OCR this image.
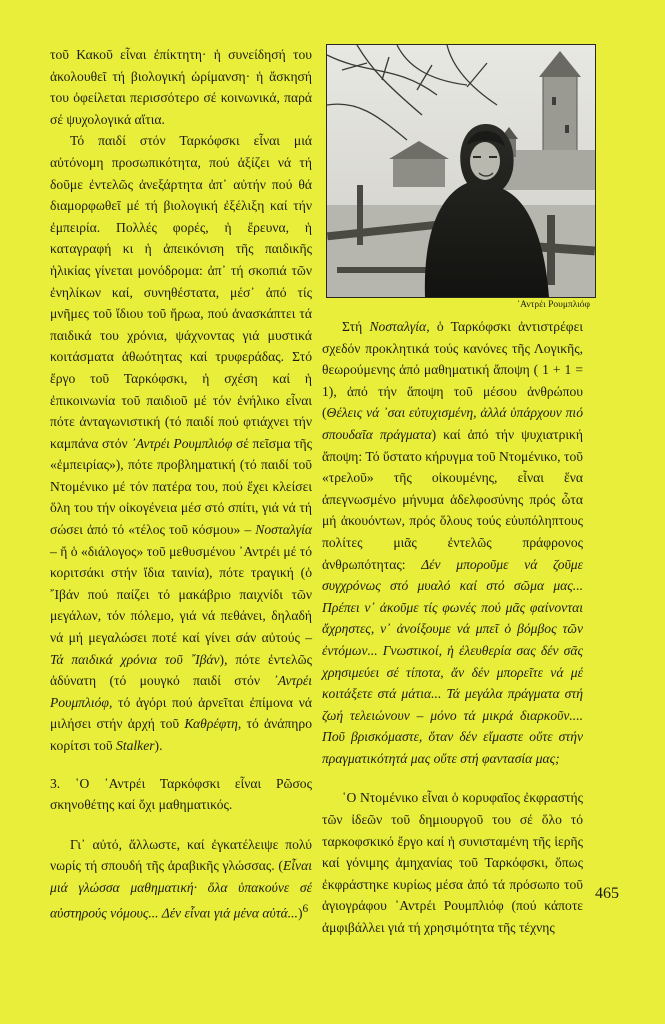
τοῦ Κακοῦ εἶναι ἐπίκτητη· ἡ συνείδησή του ἀκολουθεῖ τή βιολογική ὡρίμανση· ἡ ἄσκησή του ὀφείλεται περισσότερο σέ κοινωνικά, παρά σέ ψυχολογικά αἴτια.

Τό παιδί στόν Ταρκόφσκι εἶναι μιά αὐτόνομη προσωπικότητα, πού ἀξίζει νά τή δοῦμε ἐντελῶς ἀνεξάρτητα ἀπ᾿ αὐτήν πού θά διαμορφωθεῖ μέ τή βιολογική ἐξέλιξη καί τήν ἐμπειρία. Πολλές φορές, ἡ ἔρευνα, ἡ καταγραφή κι ἡ ἀπεικόνιση τῆς παιδικῆς ἡλικίας γίνεται μονόδρομα: ἀπ᾿ τή σκοπιά τῶν ἐνηλίκων καί, συνηθέστατα, μέσ᾿ ἀπό τίς μνῆμες τοῦ ἴδιου τοῦ ἥρωα, πού ἀνασκάπτει τά παιδικά του χρόνια, ψάχνοντας γιά μυστικά κοιτάσματα ἀθωότητας καί τρυφεράδας. Στό ἔργο τοῦ Ταρκόφσκι, ἡ σχέση καί ἡ ἐπικοινωνία τοῦ παιδιοῦ μέ τόν ἐνήλικο εἶναι πότε ἀνταγωνιστική (τό παιδί πού φτιάχνει τήν καμπάνα στόν ᾿Αντρέι Ρουμπλιόφ σέ πεῖσμα τῆς «ἐμπειρίας»), πότε προβληματική (τό παιδί τοῦ Ντομένικο μέ τόν πατέρα του, πού ἔχει κλείσει ὅλη του τήν οἰκογένεια μέσ στό σπίτι, γιά νά τή σώσει ἀπό τό «τέλος τοῦ κόσμου» – Νοσταλγία – ἤ ὁ «διάλογος» τοῦ μεθυσμένου ᾿Αντρέι μέ τό κοριτσάκι στήν ἴδια ταινία), πότε τραγική (ὁ ῎Ιβάν πού παίζει τό μακάβριο παιχνίδι τῶν μεγάλων, τόν πόλεμο, γιά νά πεθάνει, δηλαδή νά μή μεγαλώσει ποτέ καί γίνει σάν αὐτούς – Τά παιδικά χρόνια τοῦ ῎Ιβάν), πότε ἐντελῶς ἀδύνατη (τό μουγκό παιδί στόν ᾿Αντρέι Ρουμπλιόφ, τό ἀγόρι πού ἀρνεῖται ἐπίμονα νά μιλήσει στήν ἀρχή τοῦ Καθρέφτη, τό ἀνάπηρο κορίτσι τοῦ Stalker).

3. ῾Ο ᾿Αντρέι Ταρκόφσκι εἶναι Ρῶσος σκηνοθέτης καί ὄχι μαθηματικός.

Γι᾿ αὐτό, ἄλλωστε, καί ἐγκατέλειψε πολύ νωρίς τή σπουδή τῆς ἀραβικῆς γλώσσας. (Εἶναι μιά γλώσσα μαθηματική· ὅλα ὑπακούνε σέ αὐστηρούς νόμους... Δέν εἶναι γιά μένα αὐτά...)$^6$

᾿Αντρέι Ρουμπλιόφ

Στή Νοσταλγία, ὁ Ταρκόφσκι ἀντιστρέφει σχεδόν προκλητικά τούς κανόνες τῆς Λογικῆς, θεωρούμενης ἀπό μαθηματική ἄποψη ( 1 + 1 = 1), ἀπό τήν ἄποψη τοῦ μέσου ἀνθρώπου (Θέλεις νά ᾿σαι εὐτυχισμένη, ἀλλά ὑπάρχουν πιό σπουδαῖα πράγματα) καί ἀπό τήν ψυχιατρική ἄποψη: Τό ὕστατο κήρυγμα τοῦ Ντομένικο, τοῦ «τρελοῦ» τῆς οἰκουμένης, εἶναι ἕνα ἀπεγνωσμένο μήνυμα ἀδελφοσύνης πρός ὦτα μή ἀκουόντων, πρός ὅλους τούς εὐυπόληπτους πολίτες μιᾶς ἐντελῶς πράφρονος ἀνθρωπότητας: Δέν μποροῦμε νά ζοῦμε συγχρόνως στό μυαλό καί στό σῶμα μας... Πρέπει ν᾿ ἀκοῦμε τίς φωνές πού μᾶς φαίνονται ἄχρηστες, ν᾿ ἀνοίξουμε νά μπεῖ ὁ βόμβος τῶν ἐντόμων... Γνωστικοί, ἡ ἐλευθερία σας δέν σᾶς χρησιμεύει σέ τίποτα, ἄν δέν μπορεῖτε νά μέ κοιτάξετε στά μάτια... Τά μεγάλα πράγματα στή ζωή τελειώνουν – μόνο τά μικρά διαρκοῦν.... Ποῦ βρισκόμαστε, ὅταν δέν εἴμαστε οὔτε στήν πραγματικότητά μας οὔτε στή φαντασία μας;

῾Ο Ντομένικο εἶναι ὁ κορυφαῖος ἐκφραστής τῶν ἰδεῶν τοῦ δημιουργοῦ του σέ ὅλο τό ταρκοφσκικό ἔργο καί ἡ συνισταμένη τῆς ἱερῆς καί γόνιμης ἀμηχανίας τοῦ Ταρκόφσκι, ὅπως ἐκφράστηκε κυρίως μέσα ἀπό τά πρόσωπο τοῦ ἁγιογράφου ᾿Αντρέι Ρουμπλιόφ (πού κάποτε ἀμφιβάλλει γιά τή χρησιμότητα τῆς τέχνης

465
